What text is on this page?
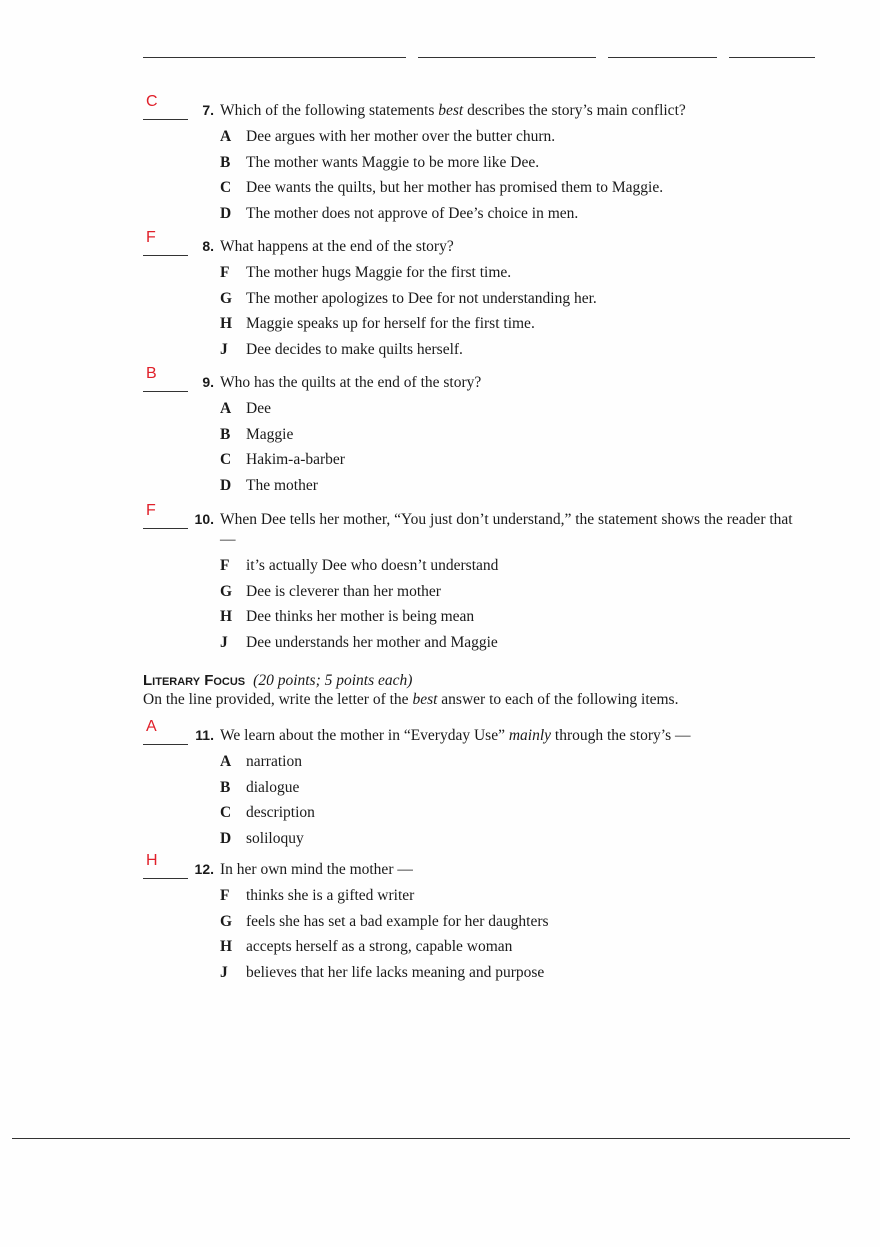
C	7. Which of the following statements best describes the story’s main conflict?
A Dee argues with her mother over the butter churn.
B The mother wants Maggie to be more like Dee.
C Dee wants the quilts, but her mother has promised them to Maggie.
D The mother does not approve of Dee’s choice in men.
F	8. What happens at the end of the story?
F The mother hugs Maggie for the first time.
G The mother apologizes to Dee for not understanding her.
H Maggie speaks up for herself for the first time.
J Dee decides to make quilts herself.
B	9. Who has the quilts at the end of the story?
A Dee
B Maggie
C Hakim-a-barber
D The mother
F	10. When Dee tells her mother, “You just don’t understand,” the statement shows the reader that —
F it’s actually Dee who doesn’t understand
G Dee is cleverer than her mother
H Dee thinks her mother is being mean
J Dee understands her mother and Maggie
A	11. We learn about the mother in “Everyday Use” mainly through the story’s —
A narration
B dialogue
C description
D soliloquy
H	12. In her own mind the mother —
F thinks she is a gifted writer
G feels she has set a bad example for her daughters
H accepts herself as a strong, capable woman
J believes that her life lacks meaning and purpose
Literary Focus (20 points; 5 points each)
On the line provided, write the letter of the best answer to each of the following items.
